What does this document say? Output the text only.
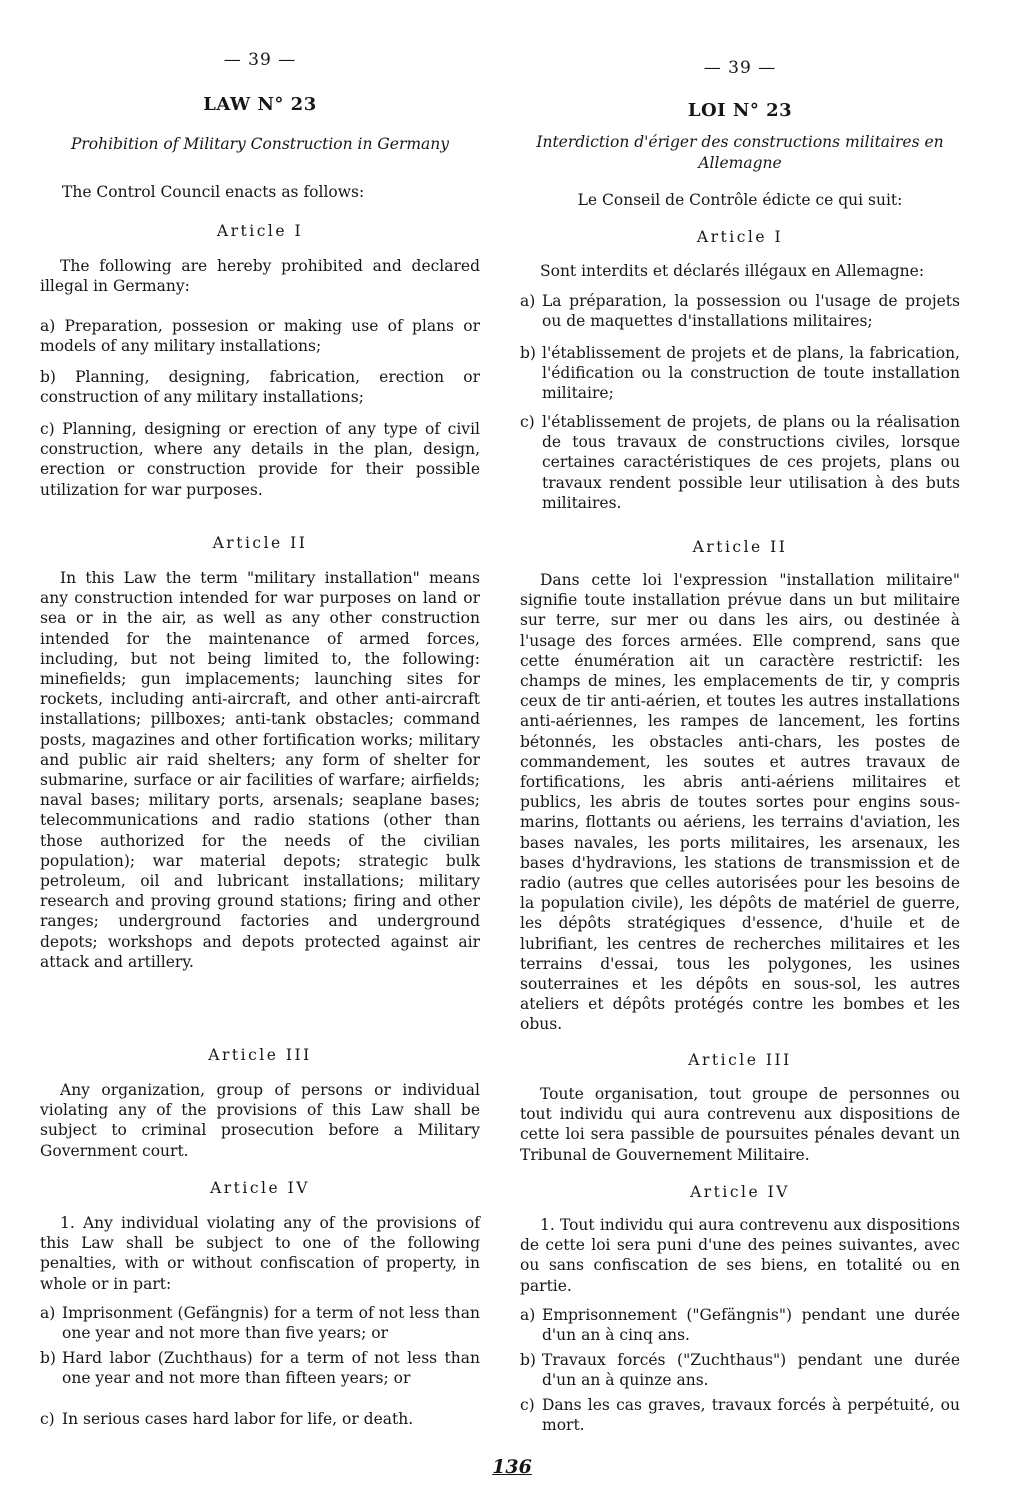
— 39 —
LAW N° 23
Prohibition of Military Construction in Germany
The Control Council enacts as follows:
Article I
The following are hereby prohibited and declared illegal in Germany:
a) Preparation, possesion or making use of plans or models of any military installations;
b) Planning, designing, fabrication, erection or construction of any military installations;
c) Planning, designing or erection of any type of civil construction, where any details in the plan, design, erection or construction provide for their possible utilization for war purposes.
Article II
In this Law the term "military installation" means any construction intended for war purposes on land or sea or in the air, as well as any other construction intended for the maintenance of armed forces, including, but not being limited to, the following: minefields; gun implacements; launching sites for rockets, including anti-aircraft, and other anti-aircraft installations; pillboxes; anti-tank obstacles; command posts, magazines and other fortification works; military and public air raid shelters; any form of shelter for submarine, surface or air facilities of warfare; airfields; naval bases; military ports, arsenals; seaplane bases; telecommunications and radio stations (other than those authorized for the needs of the civilian population); war material depots; strategic bulk petroleum, oil and lubricant installations; military research and proving ground stations; firing and other ranges; underground factories and underground depots; workshops and depots protected against air attack and artillery.
Article III
Any organization, group of persons or individual violating any of the provisions of this Law shall be subject to criminal prosecution before a Military Government court.
Article IV
1. Any individual violating any of the provisions of this Law shall be subject to one of the following penalties, with or without confiscation of property, in whole or in part:
a) Imprisonment (Gefängnis) for a term of not less than one year and not more than five years; or
b) Hard labor (Zuchthaus) for a term of not less than one year and not more than fifteen years; or
c) In serious cases hard labor for life, or death.
— 39 —
LOI N° 23
Interdiction d'ériger des constructions militaires en Allemagne
Le Conseil de Contrôle édicte ce qui suit:
Article I
Sont interdits et déclarés illégaux en Allemagne:
a) La préparation, la possession ou l'usage de projets ou de maquettes d'installations militaires;
b) l'établissement de projets et de plans, la fabrication, l'édification ou la construction de toute installation militaire;
c) l'établissement de projets, de plans ou la réalisation de tous travaux de constructions civiles, lorsque certaines caractéristiques de ces projets, plans ou travaux rendent possible leur utilisation à des buts militaires.
Article II
Dans cette loi l'expression "installation militaire" signifie toute installation prévue dans un but militaire sur terre, sur mer ou dans les airs, ou destinée à l'usage des forces armées. Elle comprend, sans que cette énumération ait un caractère restrictif: les champs de mines, les emplacements de tir, y compris ceux de tir anti-aérien, et toutes les autres installations anti-aériennes, les rampes de lancement, les fortins bétonnés, les obstacles anti-chars, les postes de commandement, les soutes et autres travaux de fortifications, les abris anti-aériens militaires et publics, les abris de toutes sortes pour engins sous-marins, flottants ou aériens, les terrains d'aviation, les bases navales, les ports militaires, les arsenaux, les bases d'hydravions, les stations de transmission et de radio (autres que celles autorisées pour les besoins de la population civile), les dépôts de matériel de guerre, les dépôts stratégiques d'essence, d'huile et de lubrifiant, les centres de recherches militaires et les terrains d'essai, tous les polygones, les usines souterraines et les dépôts en sous-sol, les autres ateliers et dépôts protégés contre les bombes et les obus.
Article III
Toute organisation, tout groupe de personnes ou tout individu qui aura contrevenu aux dispositions de cette loi sera passible de poursuites pénales devant un Tribunal de Gouvernement Militaire.
Article IV
1. Tout individu qui aura contrevenu aux dispositions de cette loi sera puni d'une des peines suivantes, avec ou sans confiscation de ses biens, en totalité ou en partie.
a) Emprisonnement ("Gefängnis") pendant une durée d'un an à cinq ans.
b) Travaux forcés ("Zuchthaus") pendant une durée d'un an à quinze ans.
c) Dans les cas graves, travaux forcés à perpétuité, ou mort.
136
